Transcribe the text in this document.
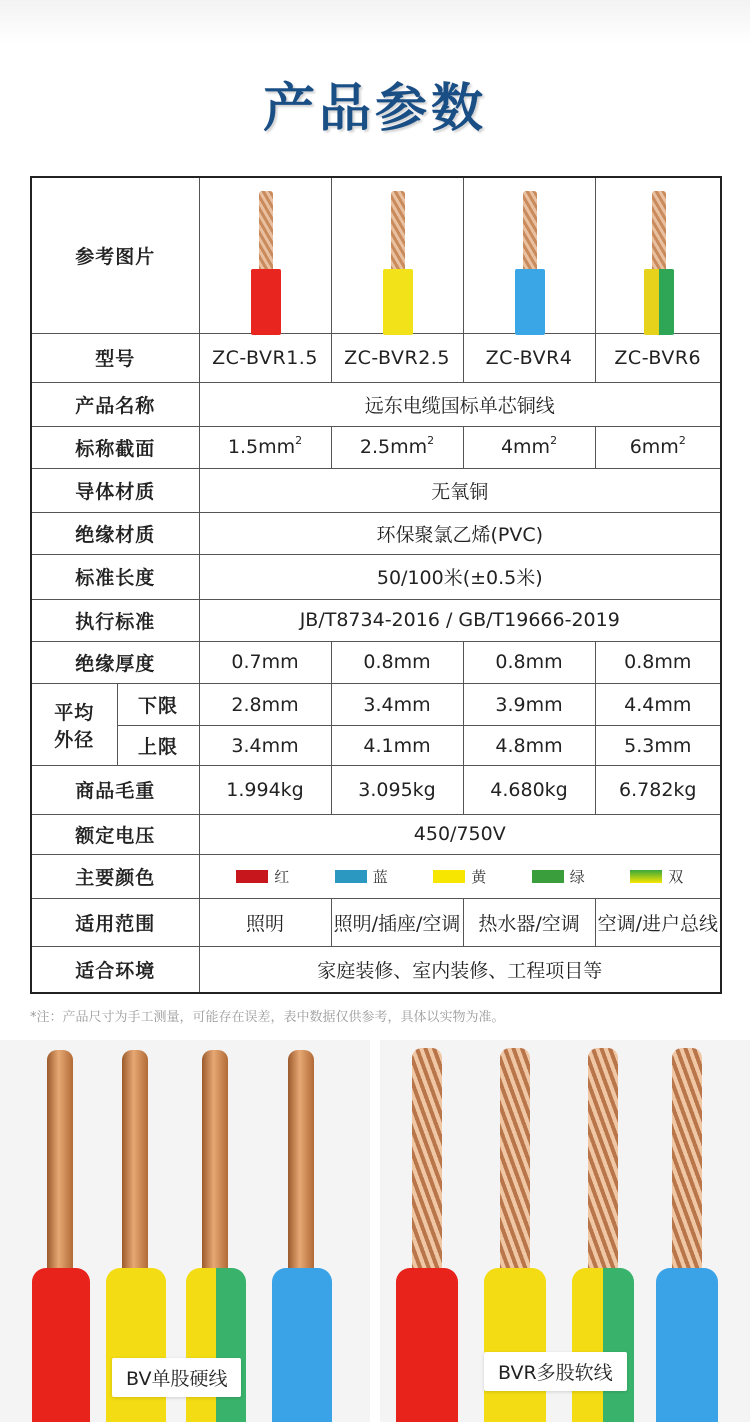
产品参数
参考图片		

型号		ZC-BVR1.5	ZC-BVR2.5	ZC-BVR4	ZC-BVR6
产品名称		远东电缆国标单芯铜线			
标称截面		$1.5mm^2$	$2.5mm^2$	$4mm^2$	$6mm^2$
导体材质		无氧铜			
绝缘材质		环保聚氯乙烯(PVC)			
标准长度		50/100米(±0.5米)			
执行标准		JB/T8734-2016 / GB/T19666-2019			
绝缘厚度		0.7mm	0.8mm	0.8mm	0.8mm
平均
外径	下限	2.8mm	3.4mm	3.9mm	4.4mm
	上限	3.4mm	4.1mm	4.8mm	5.3mm
商品毛重		1.994kg	3.095kg	4.680kg	6.782kg
额定电压		450/750V			
主要颜色		红 蓝 黄 绿 双			

适用范围		照明	照明/插座/空调	热水器/空调	空调/进户总线
适合环境		家庭装修、室内装修、工程项目等			
*注：产品尺寸为手工测量，可能存在误差，表中数据仅供参考，具体以实物为准。
BV单股硬线	BVR多股软线
